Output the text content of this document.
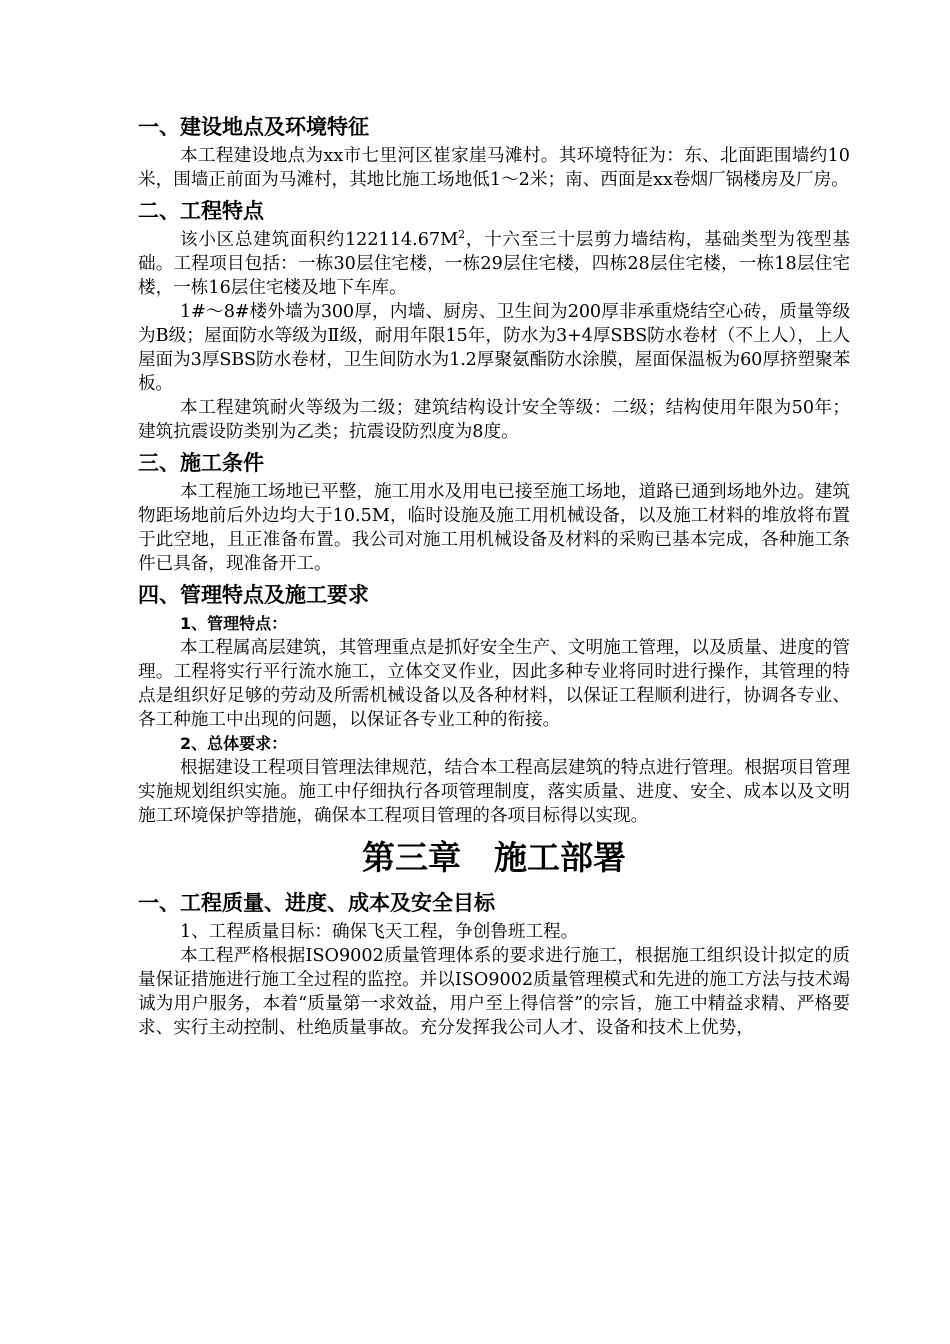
一、建设地点及环境特征

本工程建设地点为xx市七里河区崔家崖马滩村。其环境特征为：东、北面距围墙约10米，围墙正前面为马滩村，其地比施工场地低1～2米；南、西面是xx卷烟厂锅楼房及厂房。

二、工程特点

该小区总建筑面积约$122114.67M^2$，十六至三十层剪力墙结构，基础类型为筏型基础。工程项目包括：一栋30层住宅楼，一栋29层住宅楼，四栋28层住宅楼，一栋18层住宅楼，一栋16层住宅楼及地下车库。

1#～8#楼外墙为300厚，内墙、厨房、卫生间为200厚非承重烧结空心砖，质量等级为B级；屋面防水等级为Ⅱ级，耐用年限15年，防水为3+4厚SBS防水卷材（不上人），上人屋面为3厚SBS防水卷材，卫生间防水为1.2厚聚氨酯防水涂膜，屋面保温板为60厚挤塑聚苯板。

本工程建筑耐火等级为二级；建筑结构设计安全等级：二级；结构使用年限为50年；建筑抗震设防类别为乙类；抗震设防烈度为8度。

三、施工条件

本工程施工场地已平整，施工用水及用电已接至施工场地，道路已通到场地外边。建筑物距场地前后外边均大于10.5M，临时设施及施工用机械设备，以及施工材料的堆放将布置于此空地，且正准备布置。我公司对施工用机械设备及材料的采购已基本完成，各种施工条件已具备，现准备开工。

四、管理特点及施工要求
1、管理特点：

本工程属高层建筑，其管理重点是抓好安全生产、文明施工管理，以及质量、进度的管理。工程将实行平行流水施工，立体交叉作业，因此多种专业将同时进行操作，其管理的特点是组织好足够的劳动及所需机械设备以及各种材料，以保证工程顺利进行，协调各专业、各工种施工中出现的问题，以保证各专业工种的衔接。

2、总体要求：

根据建设工程项目管理法律规范，结合本工程高层建筑的特点进行管理。根据项目管理实施规划组织实施。施工中仔细执行各项管理制度，落实质量、进度、安全、成本以及文明施工环境保护等措施，确保本工程项目管理的各项目标得以实现。

第三章　施工部署
一、工程质量、进度、成本及安全目标

1、工程质量目标：确保飞天工程，争创鲁班工程。

本工程严格根据ISO9002质量管理体系的要求进行施工，根据施工组织设计拟定的质量保证措施进行施工全过程的监控。并以ISO9002质量管理模式和先进的施工方法与技术竭诚为用户服务，本着“质量第一求效益，用户至上得信誉”的宗旨，施工中精益求精、严格要求、实行主动控制、杜绝质量事故。充分发挥我公司人才、设备和技术上优势，
